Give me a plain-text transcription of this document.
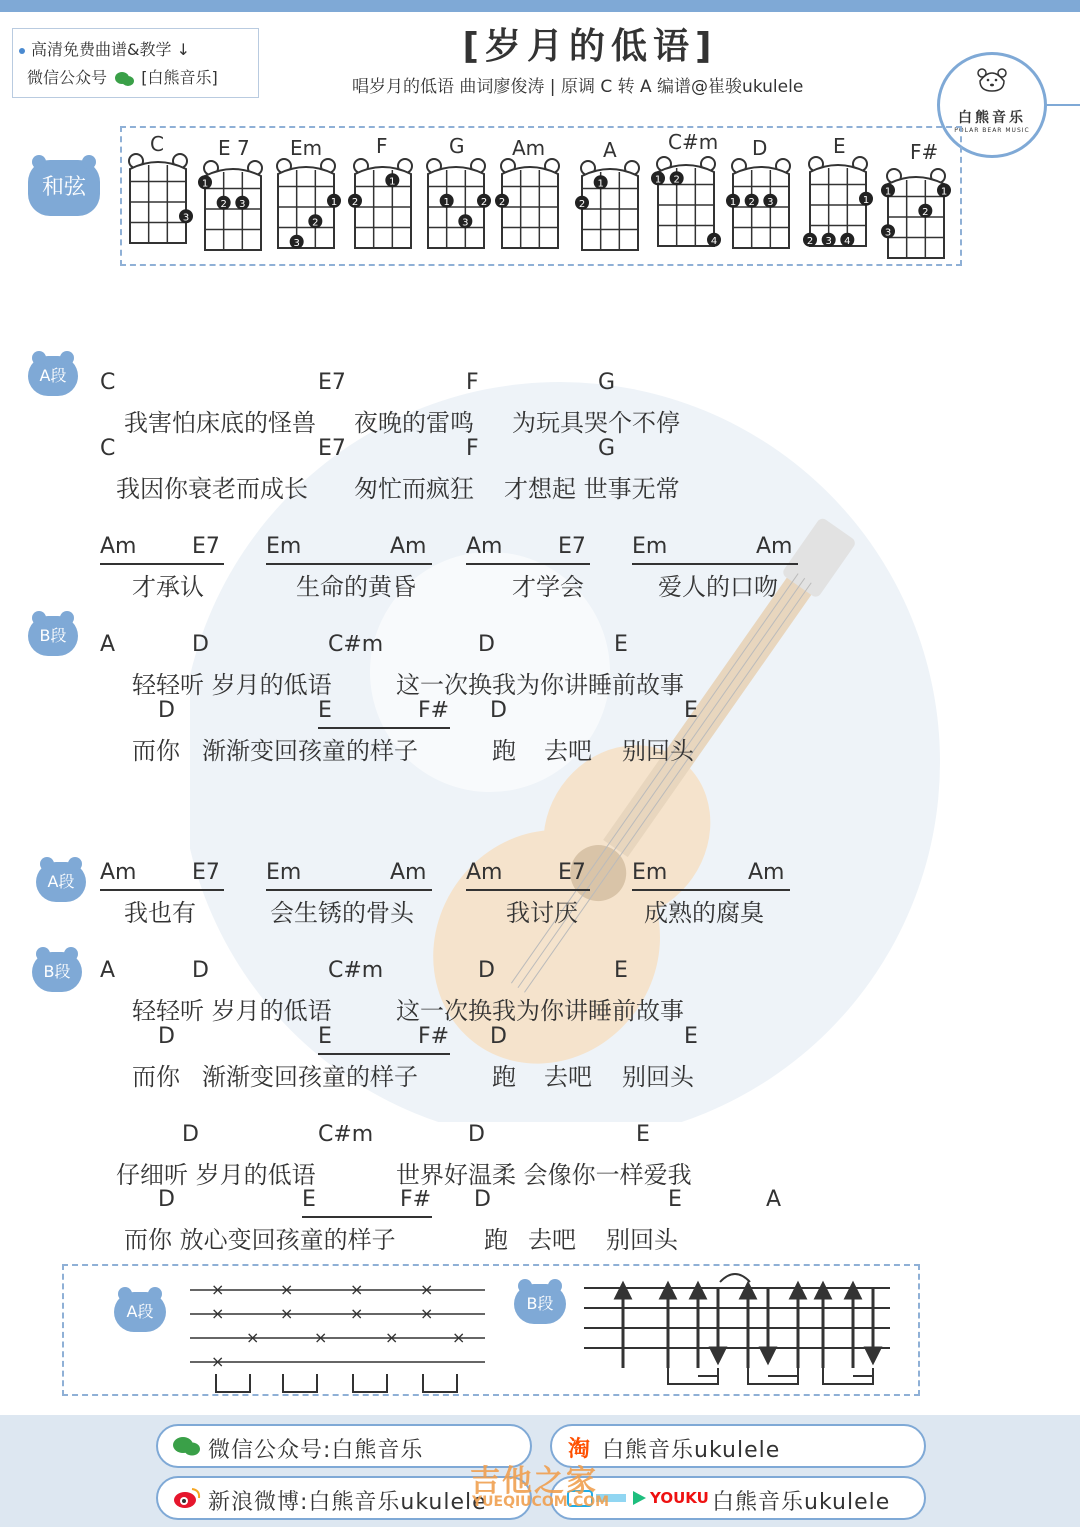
高清免费曲谱&教学 ↓
微信公众号 [白熊音乐]
[岁月的低语]
唱岁月的低语 曲词廖俊涛 | 原调 C 转 A 编谱@崔骏ukulele
白熊音乐
POLAR BEAR MUSIC
和弦
3
1
2 3
3
2
1 2
1
1
3
2 2	2
1	1 2
4
1 2 3
2 3 4
1
1
2
1
3
C	E 7 Em	F	G Am	A	C#m D	E	F#
A段
B段
A段
B段
C	E7	F	G
我害怕床底的怪兽 夜晚的雷鸣 为玩具哭个不停
C	E7	F	G
我因你衰老而成长 匆忙而疯狂 才想起 世事无常
Am	E7 Em	Am Am	E7 Em	Am
才承认	生命的黄昏	才学会	爱人的口吻
A	D	C#m	D	E
轻轻听 岁月的低语	这一次换我为你讲睡前故事
D	E	F# D	E
而你 渐渐变回孩童的样子	跑 去吧 别回头
Am	E7 Em	Am Am	E7 Em	Am
我也有	会生锈的骨头	我讨厌	成熟的腐臭
A	D	C#m	D	E
轻轻听 岁月的低语	这一次换我为你讲睡前故事
D	E	F# D	E
而你 渐渐变回孩童的样子	跑 去吧 别回头
D	C#m	D	E
仔细听 岁月的低语	世界好温柔 会像你一样爱我
D	E	F# D	E	A
而你 放心变回孩童的样子	跑 去吧 别回头
A段	B段
×
×
×
×
×
×
×
×
×
×
×
×
×
微信公众号:白熊音乐	淘 白熊音乐ukulele
新浪微博:白熊音乐ukulele	YOUKU 白熊音乐ukulele
吉他之家
YUEQIUCOM.COM
